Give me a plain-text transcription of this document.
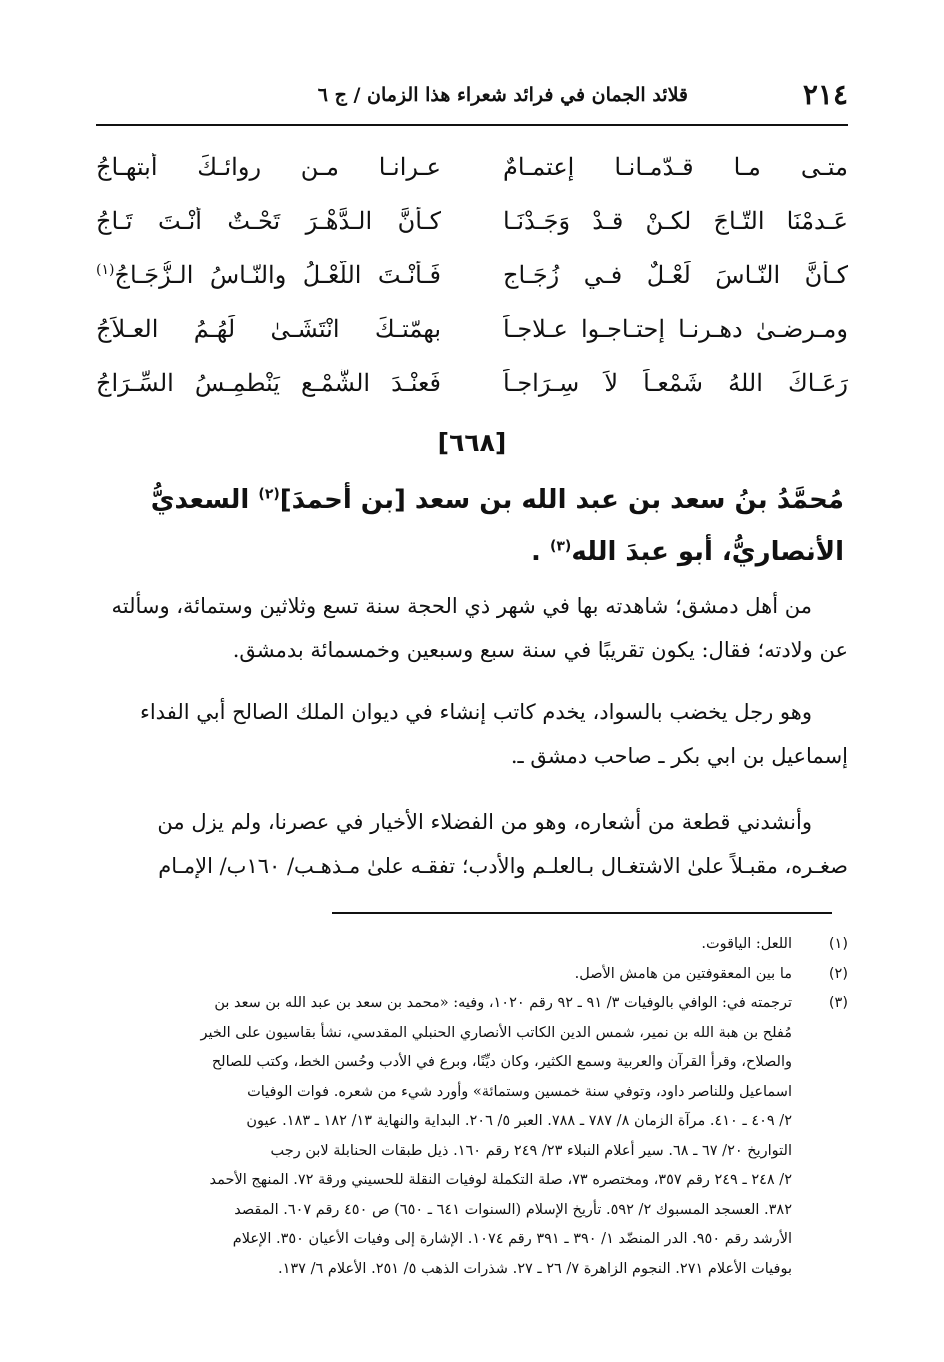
٢١٤
قلائد الجمان في فرائد شعراء هذا الزمان / ج ٦
متـى مـا قـدّمـانـا إعتمـامٌ
عـرانـا مـن روائـكَ أبتهـاجُ
عَـدمْنَا التّـاجَ لكـنْ قـدْ وَجَـدْنَـا
كـأنَّ الـدَّهْـرَ تَحْـتٌ أنْـتَ تَـاجُ
كـأنَّ النّـاسَ لَعْـلٌ فـي زُجَـاجٍ
فَـأنْـتَ اللّعْـلُ والنّـاسُ الـزُّجَـاجُ$^{(١)}$
ومـرضـىٰ دهـرنـا إحتـاجـوا عـلاجـاً
بهمّتـكَ انْتَشَـىٰ لَهُـمُ العـلاَجُ
رَعَـاكَ اللهُ شَمْعـاً لاَ سِـرَاجـاً
فَعنْـدَ الشَّمْـعِ يَنْطمِـسُ السِّـرَاجُ
[٦٦٨]
مُحمَّدُ بنُ سعد بن عبد الله بن سعد [بن أحمدَ]$^{(٢)}$ السعديُّ
الأنصاريُّ، أبو عبدَ الله$^{(٣)}$ .
من أهل دمشق؛ شاهدته بها في شهر ذي الحجة سنة تسع وثلاثين وستمائة، وسألته
عن ولادته؛ فقال: يكون تقريبًا في سنة سبع وسبعين وخمسمائة بدمشق.
وهو رجل يخضب بالسواد، يخدم كاتب إنشاء في ديوان الملك الصالح أبي الفداء
إسماعيل بن ابي بكر ـ صاحب دمشق ـ.
وأنشدني قطعة من أشعاره، وهو من الفضلاء الأخيار في عصرنا، ولم يزل من
صغـره، مقبـلاً علىٰ الاشتغـال بـالعلـم والأدب؛ تفقـه علىٰ مـذهـب/ ١٦٠ب/ الإمـام
(١)
اللعل: الياقوت.
(٢)
ما بين المعقوفتين من هامش الأصل.
(٣)
ترجمته في: الوافي بالوفيات ٣/ ٩١ ـ ٩٢ رقم ١٠٢٠، وفيه: «محمد بن سعد بن عبد الله بن سعد بن
مُفلح بن هبة الله بن نمير، شمس الدين الكاتب الأنصاري الحنبلي المقدسي، نشأ بقاسيون على الخير
والصلاح، وقرأ القرآن والعربية وسمع الكثير، وكان ديِّنًا، وبرع في الأدب وحُسن الخط، وكتب للصالح
اسماعيل وللناصر داود، وتوفي سنة خمسين وستمائة» وأورد شيء من شعره. فوات الوفيات
٢/ ٤٠٩ ـ ٤١٠. مرآة الزمان ٨/ ٧٨٧ ـ ٧٨٨. العبر ٥/ ٢٠٦. البداية والنهاية ١٣/ ١٨٢ ـ ١٨٣. عيون
التواريخ ٢٠/ ٦٧ ـ ٦٨. سير أعلام النبلاء ٢٣/ ٢٤٩ رقم ١٦٠. ذيل طبقات الحنابلة لابن رجب
٢/ ٢٤٨ ـ ٢٤٩ رقم ٣٥٧، ومختصره ٧٣، صلة التكملة لوفيات النقلة للحسيني ورقة ٧٢. المنهج الأحمد
٣٨٢. العسجد المسبوك ٢/ ٥٩٢. تأريخ الإسلام (السنوات ٦٤١ ـ ٦٥٠) ص ٤٥٠ رقم ٦٠٧. المقصد
الأرشد رقم ٩٥٠. الدر المنضّد ١/ ٣٩٠ ـ ٣٩١ رقم ١٠٧٤. الإشارة إلى وفيات الأعيان ٣٥٠. الإعلام
بوفيات الأعلام ٢٧١. النجوم الزاهرة ٧/ ٢٦ ـ ٢٧. شذرات الذهب ٥/ ٢٥١. الأعلام ٦/ ١٣٧.
